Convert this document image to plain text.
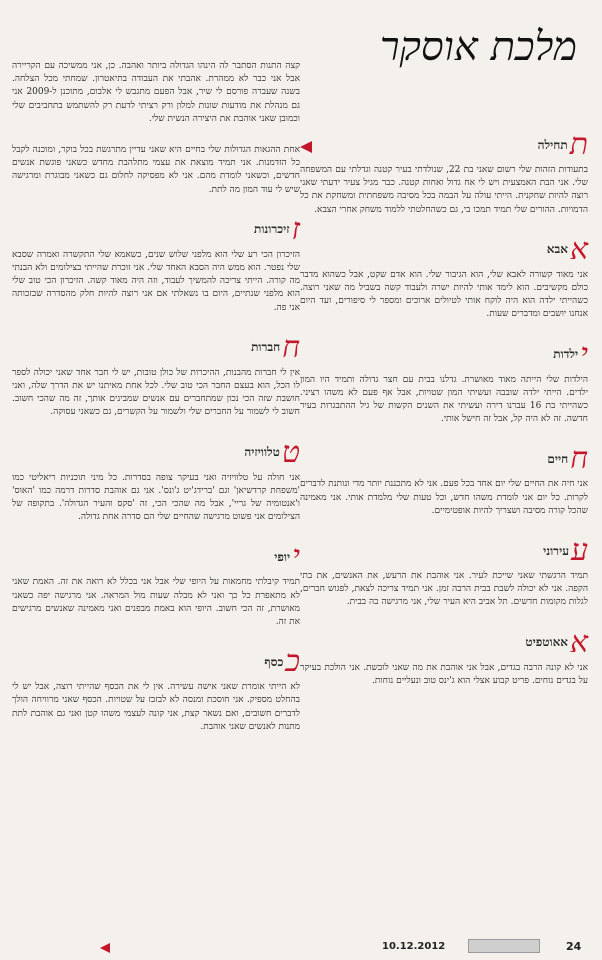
מלכת אוסקר

קצה התנות הסתבר לה הינהו הגדולה ביותר ואהבה. כן, אני ממשיכה עם הקריירה אבל אני כבר לא ממהרת. אהבתי את העבודה בתיאטרון. שמחתי מכל הצלחה. בשנה שעברה פורסם לי שיר, אבל הפעם מתגבש לי אלבום, מתוכנן ל-2009 אני גם מנהלת את מודעות שונות למלון ורק רציתי לדעת רק להשתמש בתחביבים שלי וכמובן שאני אוהבת את היצירה הנשית שלי.

אחת ההגאות הגדולות שלי בחיים היא שאני עדיין מתרגשת בכל בוקר, ומוכנה לקבל כל הזדמנות. אני תמיד מוצאת את עצמי מתלהבת מחדש כשאני פוגשת אנשים חדשים, וכשאני לומדת מהם. אני לא מפסיקה לחלום גם כשאני מבוגרת ומרגישה שיש לי עוד המון מה לתת.

ז
זיכרונות

הזיכרון הכי רע שלי הוא מלפני שלוש שנים, כשאמא שלי התקשרה ואמרה שסבא שלי נפטר. הוא ממש היה הסבא האחד שלי. אני זוכרת שהייתי בצילומים ולא הבנתי מה קורה. הייתי צריכה להמשיך לעבוד, וזה היה מאוד קשה. הזיכרון הכי טוב שלי הוא מלפני שנתיים, היום בו נשאלתי אם אני רוצה להיות חלק מהסדרה שבזכותה אני פה.

ח
חברות

אין לי חברות מהבנות, ההיכרות של כולן טובות, יש לי חבר אחד שאני יכולה לספר לו הכל, הוא בעצם החבר הכי טוב שלי. לכל אחת מאיתנו יש את הדרך שלה, ואני חושבת שזה הכי נכון שמתחברים עם אנשים שמבינים אותך, זה מה שהכי חשוב. חשוב לי לשמור על החברים שלי ולשמור על הקשרים, גם כשאני עסוקה.

ט
טלוויזיה

אני חולה על טלוויזיה ואני בעיקר צופה בסדרות. כל מיני תוכניות ריאליטי כמו 'משפחת קרדשיאן' וגם 'ברידג'יט ג'ונס'. אני גם אוהבת סדרות דרמה כמו 'האוס' ו'אנטומיה של גריי', אבל מה שהכי הכי, זה 'סקס והעיר הגדולה'. בתקופה של הצילומים אני פשוט מרגישה שהחיים שלי הם סדרה אחת גדולה.

י
יופי

תמיד קיבלתי מחמאות על היופי שלי אבל אני בכלל לא רואה את זה. האמת שאני לא מתאפרת כל כך ואני לא מבלה שעות מול המראה. אני מרגישה יפה כשאני מאושרת, זה הכי חשוב. היופי הוא באמת מבפנים ואני מאמינה שאנשים מרגישים את זה.

כ
כסף

לא הייתי אומרת שאני אישה עשירה. אין לי את הכסף שהייתי רוצה, אבל יש לי בהחלט מספיק. אני חוסכת ומנסה לא לבזבז על שטויות. הכסף שאני מרוויחה הולך לדברים חשובים, ואם נשאר קצת, אני קונה לעצמי משהו קטן ואני גם אוהבת לתת מתנות לאנשים שאני אוהבת.

ת
תחילה

בתעודות הזהות שלי רשום שאני בת 22, שנולדתי בעיר קטנה וגדלתי עם המשפחה שלי. אני הבת האמצעית ויש לי אח גדול ואחות קטנה. כבר מגיל צעיר ידעתי שאני רוצה להיות שחקנית. הייתי עולה על הבמה בכל מסיבה משפחתית ומשחקת את כל הדמויות. ההורים שלי תמיד תמכו בי, גם כשהחלטתי ללמוד משחק אחרי הצבא.

א
אבא

אני מאוד קשורה לאבא שלי, הוא הגיבור שלי. הוא אדם שקט, אבל כשהוא מדבר כולם מקשיבים. הוא לימד אותי להיות ישרה ולעבוד קשה בשביל מה שאני רוצה. כשהייתי ילדה הוא היה לוקח אותי לטיולים ארוכים ומספר לי סיפורים, ועד היום אנחנו יושבים ומדברים שעות.

י
ילדות

הילדות שלי הייתה מאוד מאושרת. גדלנו בבית עם חצר גדולה ותמיד היו המון ילדים. הייתי ילדה שובבה ועשיתי המון שטויות, אבל אף פעם לא משהו רציני. כשהייתי בת 16 עברנו דירה ועשיתי את השנים הקשות של גיל ההתבגרות בעיר חדשה. זה לא היה קל, אבל זה חישל אותי.

ח
חיים

אני חיה את החיים שלי יום אחד בכל פעם. אני לא מתכננת יותר מדי ונותנת לדברים לקרות. כל יום אני לומדת משהו חדש, וכל טעות שלי מלמדת אותי. אני מאמינה שהכל קורה מסיבה ושצריך להיות אופטימיים.

ע
עירוני

תמיד הרגשתי שאני שייכת לעיר. אני אוהבת את הרעש, את האנשים, את בתי הקפה. אני לא יכולה לשבת בבית הרבה זמן. אני תמיד צריכה לצאת, לפגוש חברים, לגלות מקומות חדשים. תל אביב היא העיר שלי, אני מרגישה בה בבית.

א
אאוטפיט

אני לא קונה הרבה בגדים, אבל אני אוהבת את מה שאני לובשת. אני הולכת בעיקר על בגדים נוחים. פריט קבוע אצלי הוא ג'ינס טוב ונעליים נוחות.

10.12.2012	24
